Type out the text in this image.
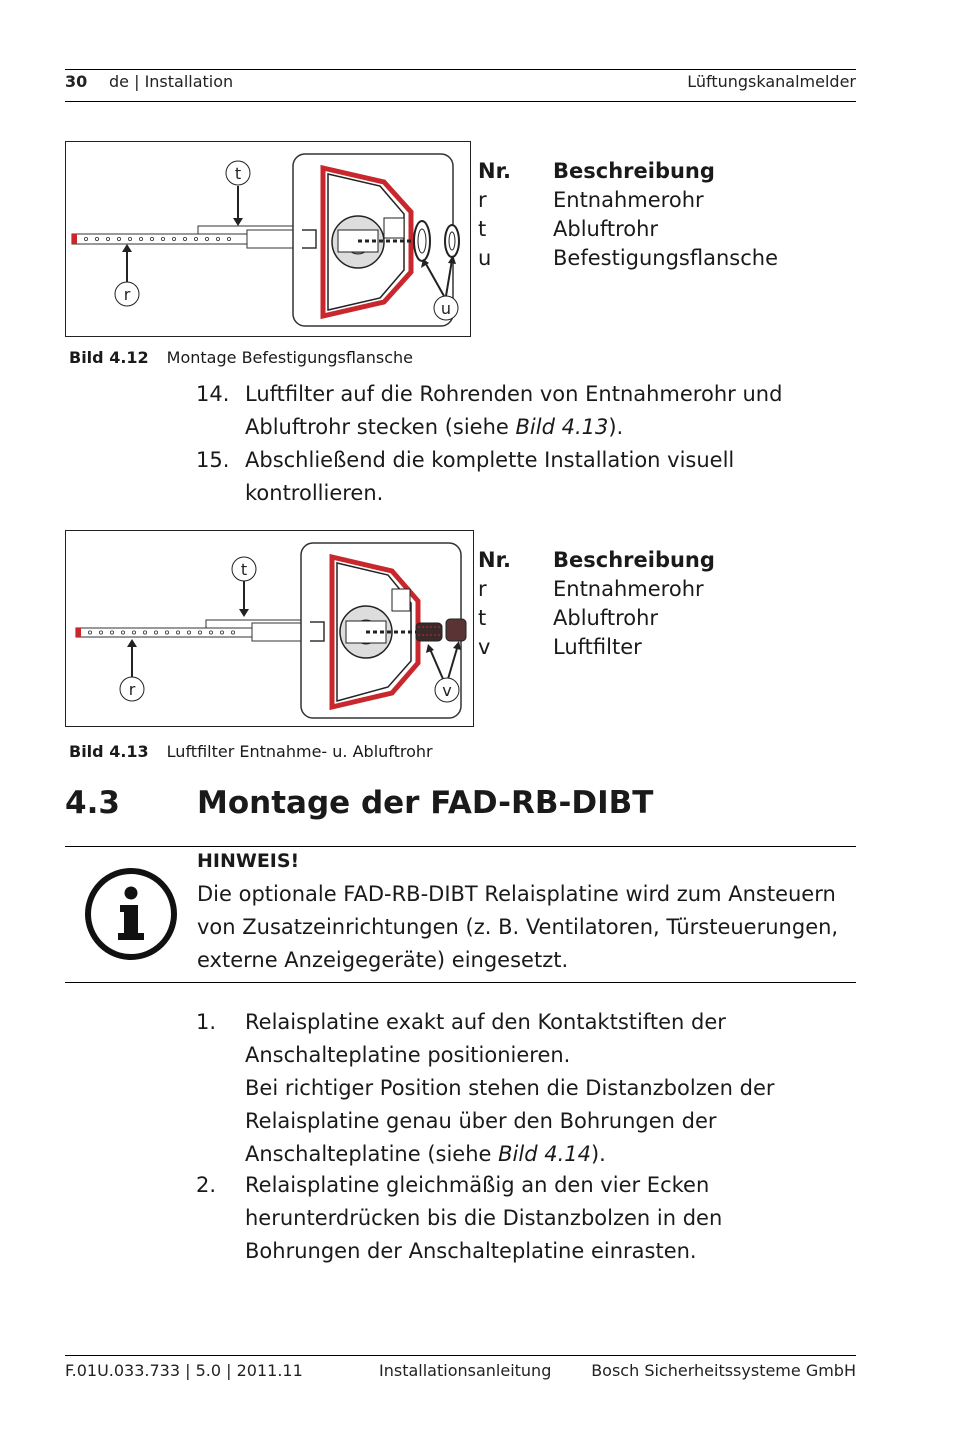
30 de | Installation	Lüftungskanalmelder
t
r
u
Nr.	Beschreibung
r	Entnahmerohr
t	Abluftrohr
u	Befestigungsflansche
Bild 4.12 Montage Befestigungsflansche
14. Luftfilter auf die Rohrenden von Entnahmerohr und Abluftrohr stecken (siehe Bild 4.13).
15. Abschließend die komplette Installation visuell kontrollieren.
t
r	v
Nr.	Beschreibung
r	Entnahmerohr
t	Abluftrohr
v	Luftfilter
Bild 4.13 Luftfilter Entnahme- u. Abluftrohr
4.3 Montage der FAD-RB-DIBT
HINWEIS!
Die optionale FAD-RB-DIBT Relaisplatine wird zum Ansteuern von Zusatzeinrichtungen (z. B. Ventilatoren, Türsteuerungen, externe Anzeigegeräte) eingesetzt.
1. Relaisplatine exakt auf den Kontaktstiften der Anschalteplatine positionieren.
Bei richtiger Position stehen die Distanzbolzen der Relaisplatine genau über den Bohrungen der Anschalteplatine (siehe Bild 4.14).
2. Relaisplatine gleichmäßig an den vier Ecken herunterdrücken bis die Distanzbolzen in den Bohrungen der Anschalteplatine einrasten.
F.01U.033.733 | 5.0 | 2011.11	Installationsanleitung Bosch Sicherheitssysteme GmbH
